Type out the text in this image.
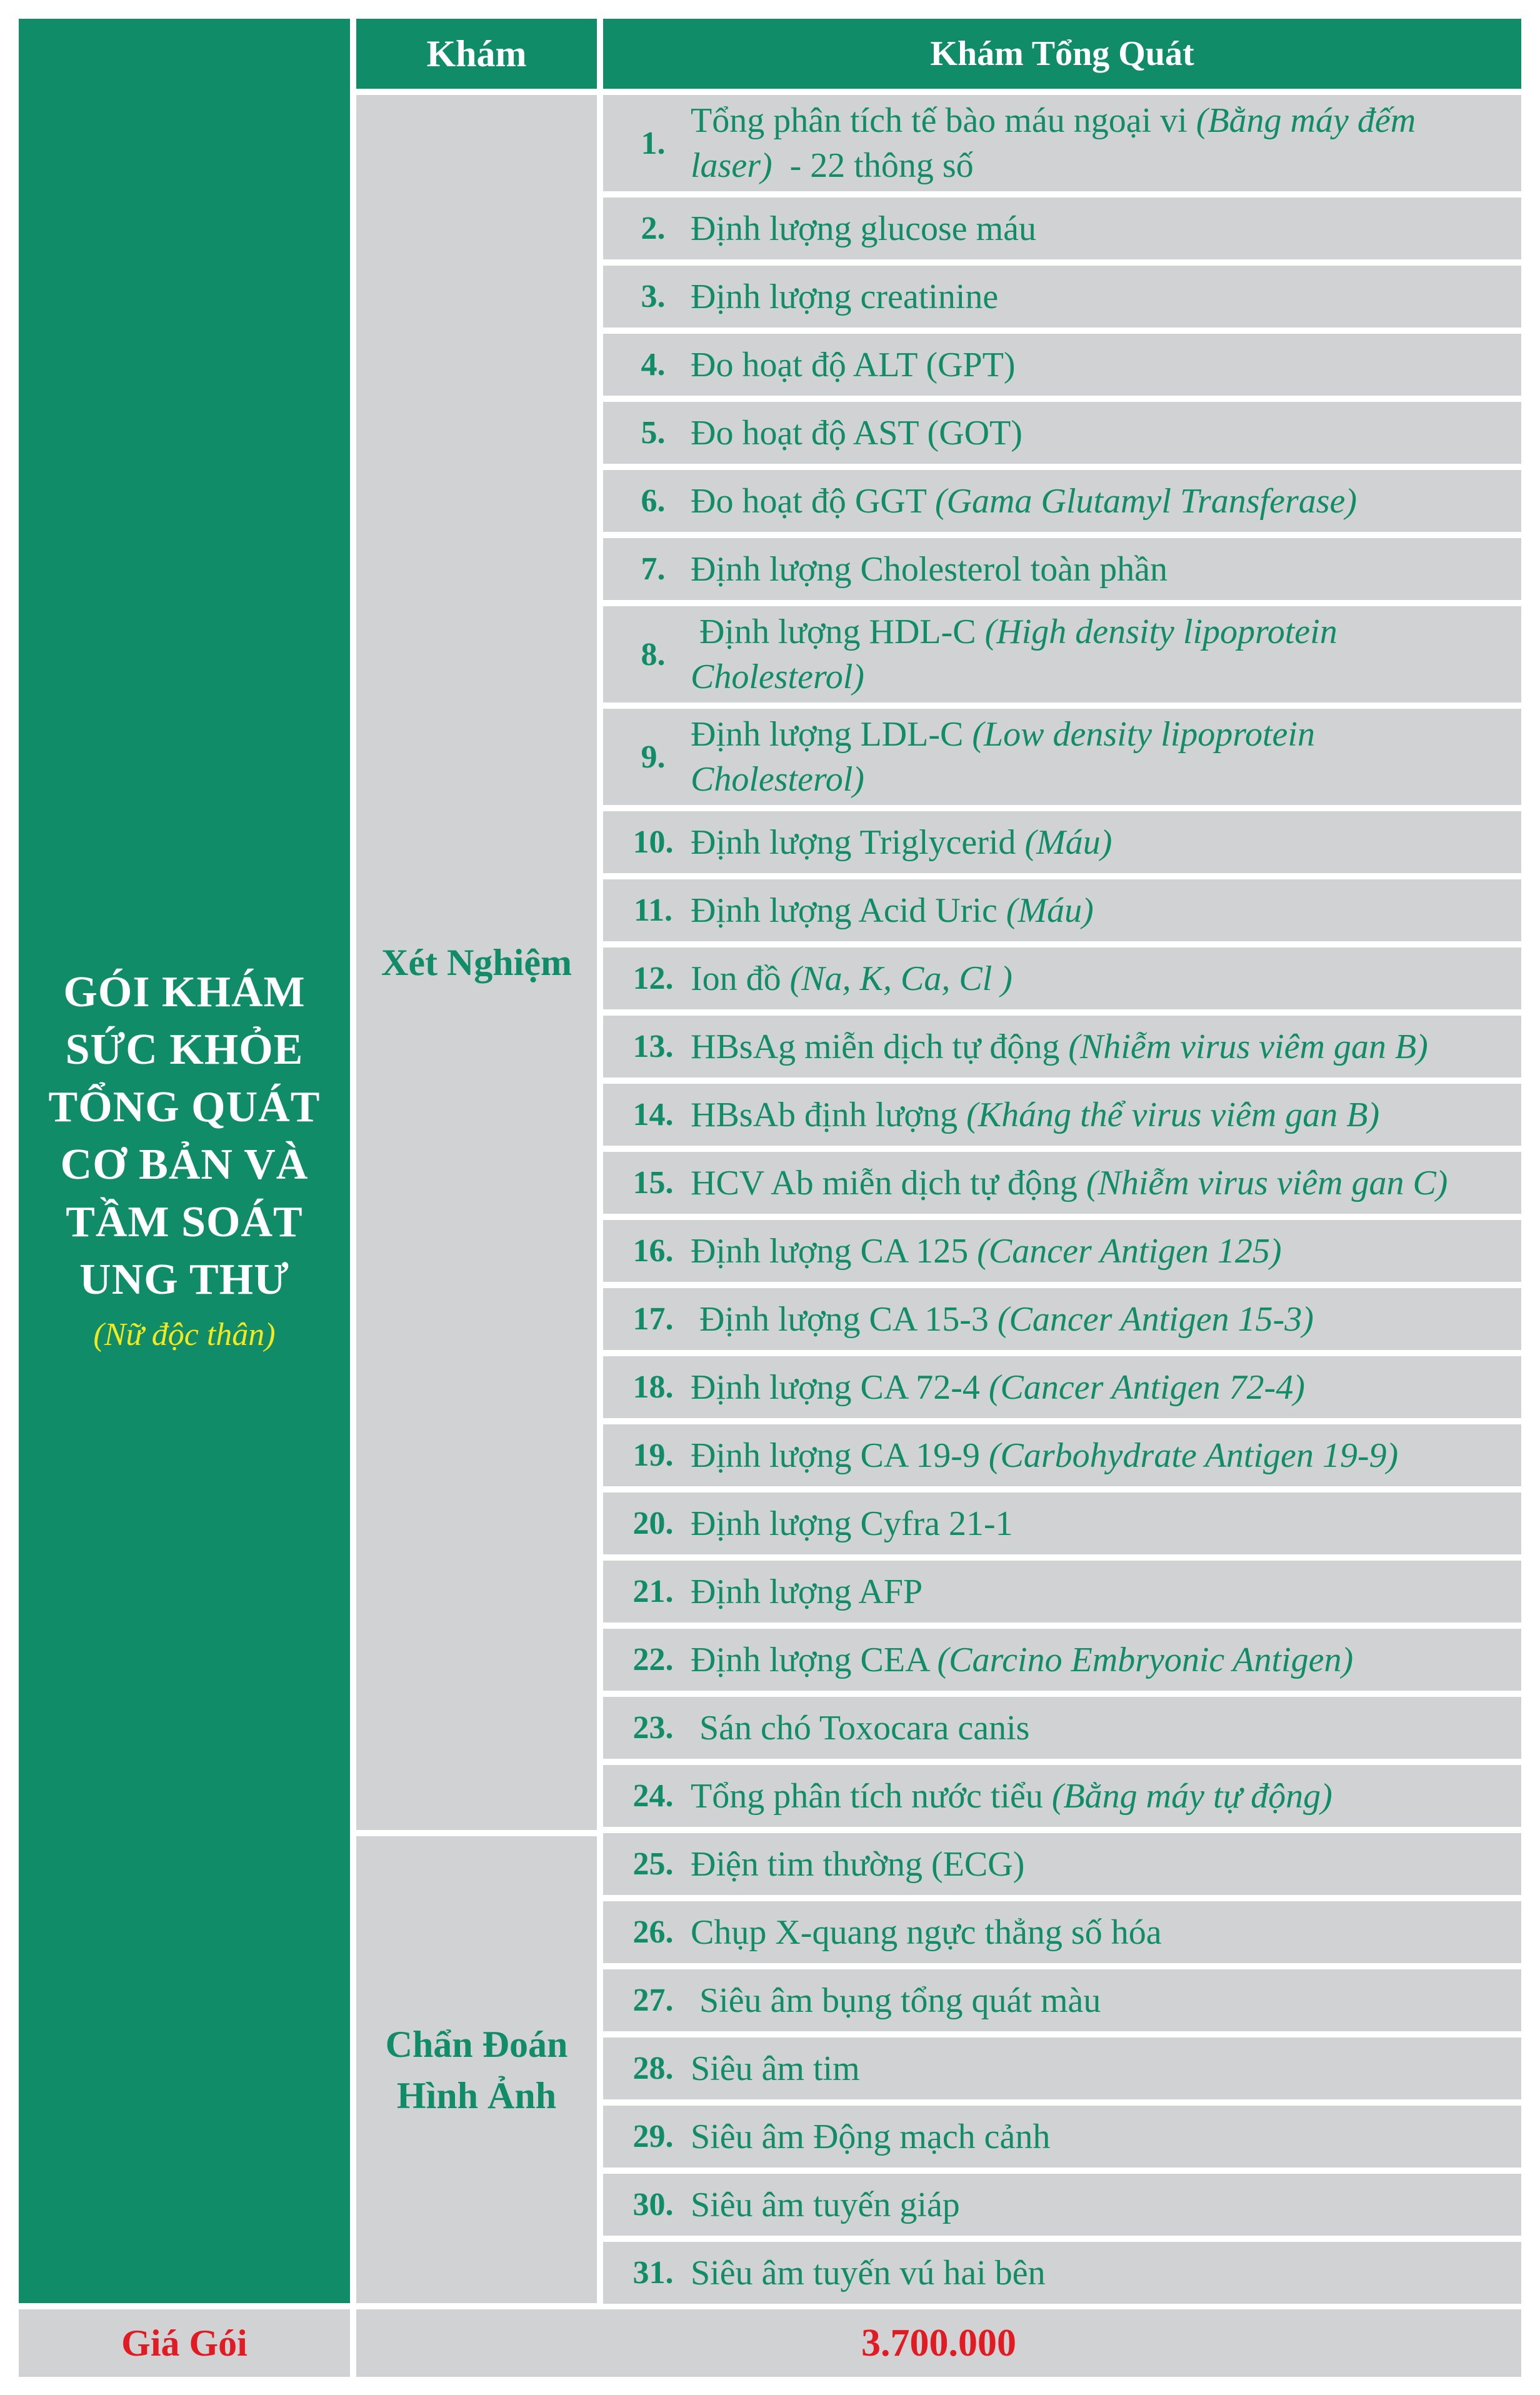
GÓI KHÁM
SỨC KHỎE
TỔNG QUÁT
CƠ BẢN VÀ
TẦM SOÁT
UNG THƯ
(Nữ độc thân)
Khám	Khám Tổng Quát
Xét Nghiệm
Chẩn Đoán
Hình Ảnh
1.
Tổng phân tích tế bào máu ngoại vi (Bằng máy đếm laser)  - 22 thông số
2. Định lượng glucose máu
3. Định lượng creatinine
4. Đo hoạt độ ALT (GPT)
5. Đo hoạt độ AST (GOT)
6. Đo hoạt độ GGT (Gama Glutamyl Transferase)
7. Định lượng Cholesterol toàn phần
8.
Định lượng HDL-C (High density lipoprotein Cholesterol)
9.
Định lượng LDL-C (Low density lipoprotein Cholesterol)
10. Định lượng Triglycerid (Máu)
11. Định lượng Acid Uric (Máu)
12. Ion đồ (Na, K, Ca, Cl )
13. HBsAg miễn dịch tự động (Nhiễm virus viêm gan B)
14. HBsAb định lượng (Kháng thể virus viêm gan B)
15. HCV Ab miễn dịch tự động (Nhiễm virus viêm gan C)
16. Định lượng CA 125 (Cancer Antigen 125)
17. Định lượng CA 15-3 (Cancer Antigen 15-3)
18. Định lượng CA 72-4 (Cancer Antigen 72-4)
19. Định lượng CA 19-9 (Carbohydrate Antigen 19-9)
20. Định lượng Cyfra 21-1
21. Định lượng AFP
22. Định lượng CEA (Carcino Embryonic Antigen)
23. Sán chó Toxocara canis
24. Tổng phân tích nước tiểu (Bằng máy tự động)
25. Điện tim thường (ECG)
26. Chụp X-quang ngực thẳng số hóa
27. Siêu âm bụng tổng quát màu
28. Siêu âm tim
29. Siêu âm Động mạch cảnh
30. Siêu âm tuyến giáp
31. Siêu âm tuyến vú hai bên
Giá Gói	3.700.000
